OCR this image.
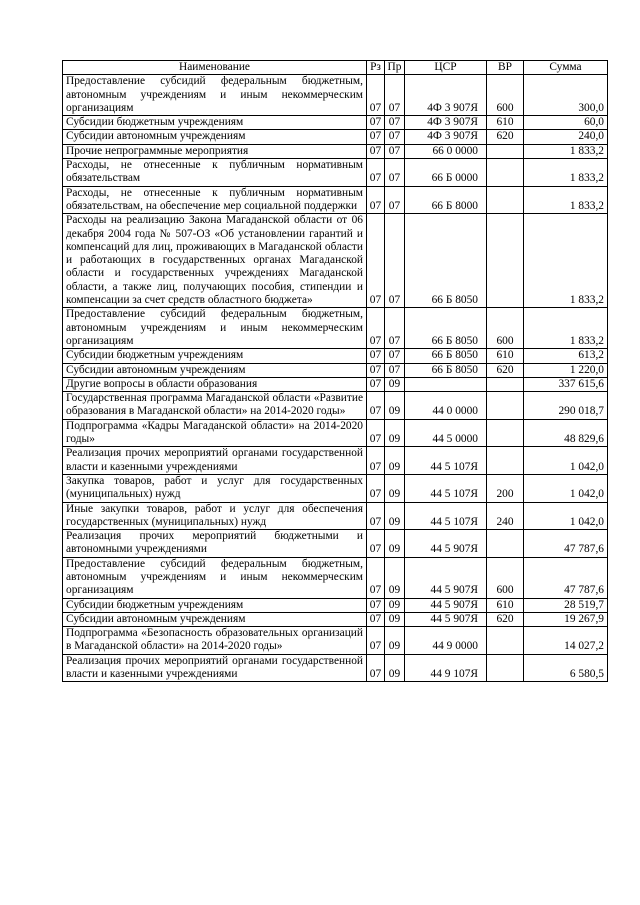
Наименование	Рз	Пр	ЦСР	ВР	Сумма
Предоставление субсидий федеральным бюджетным, автономным учреждениям и иным некоммерческим организациям	07	07	4Ф 3 907Я	600	300,0
Субсидии бюджетным учреждениям	07	07	4Ф 3 907Я	610	60,0
Субсидии автономным учреждениям	07	07	4Ф 3 907Я	620	240,0
Прочие непрограммные мероприятия	07	07	66 0 0000		1 833,2
Расходы, не отнесенные к публичным нормативным обязательствам	07	07	66 Б 0000		1 833,2
Расходы, не отнесенные к публичным нормативным обязательствам, на обеспечение мер социальной поддержки	07	07	66 Б 8000		1 833,2
Расходы на реализацию Закона Магаданской области от 06 декабря 2004 года № 507-ОЗ «Об установлении гарантий и компенсаций для лиц, проживающих в Магаданской области и работающих в государственных органах Магаданской области и государственных учреждениях Магаданской области, а также лиц, получающих пособия, стипендии и компенсации за счет средств областного бюджета»	07	07	66 Б 8050		1 833,2
Предоставление субсидий федеральным бюджетным, автономным учреждениям и иным некоммерческим организациям	07	07	66 Б 8050	600	1 833,2
Субсидии бюджетным учреждениям	07	07	66 Б 8050	610	613,2
Субсидии автономным учреждениям	07	07	66 Б 8050	620	1 220,0
Другие вопросы в области образования	07	09			337 615,6
Государственная программа Магаданской области «Развитие образования в Магаданской области» на 2014-2020 годы»	07	09	44 0 0000		290 018,7
Подпрограмма «Кадры Магаданской области» на 2014-2020 годы»	07	09	44 5 0000		48 829,6
Реализация прочих мероприятий органами государственной власти и казенными учреждениями	07	09	44 5 107Я		1 042,0
Закупка товаров, работ и услуг для государственных (муниципальных) нужд	07	09	44 5 107Я	200	1 042,0
Иные закупки товаров, работ и услуг для обеспечения государственных (муниципальных) нужд	07	09	44 5 107Я	240	1 042,0
Реализация прочих мероприятий бюджетными и автономными учреждениями	07	09	44 5 907Я		47 787,6
Предоставление субсидий федеральным бюджетным, автономным учреждениям и иным некоммерческим организациям	07	09	44 5 907Я	600	47 787,6
Субсидии бюджетным учреждениям	07	09	44 5 907Я	610	28 519,7
Субсидии автономным учреждениям	07	09	44 5 907Я	620	19 267,9
Подпрограмма «Безопасность образовательных организаций в Магаданской области» на 2014-2020 годы»	07	09	44 9 0000		14 027,2
Реализация прочих мероприятий органами государственной власти и казенными учреждениями	07	09	44 9 107Я		6 580,5
